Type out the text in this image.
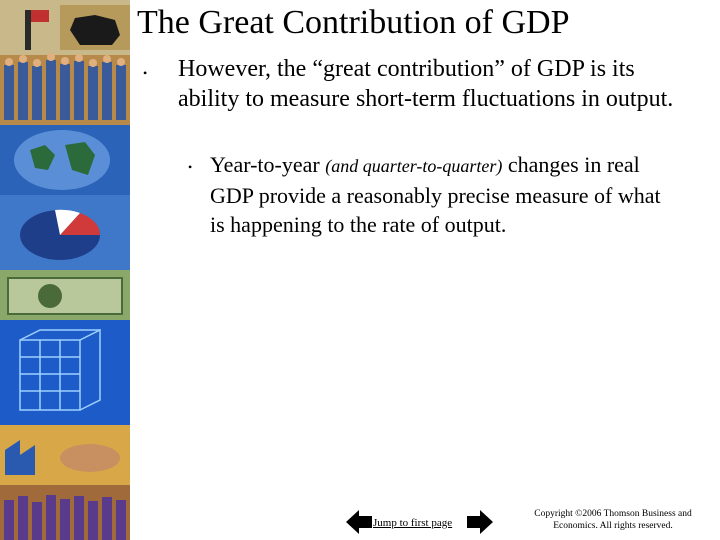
The Great Contribution of GDP
• However, the “great contribution” of GDP is its ability to measure short-term fluctuations in output.
• Year-to-year (and quarter-to-quarter) changes in real GDP provide a reasonably precise measure of what is happening to the rate of output.
Jump to first page
Copyright ©2006 Thomson Business and
Economics. All rights reserved.
